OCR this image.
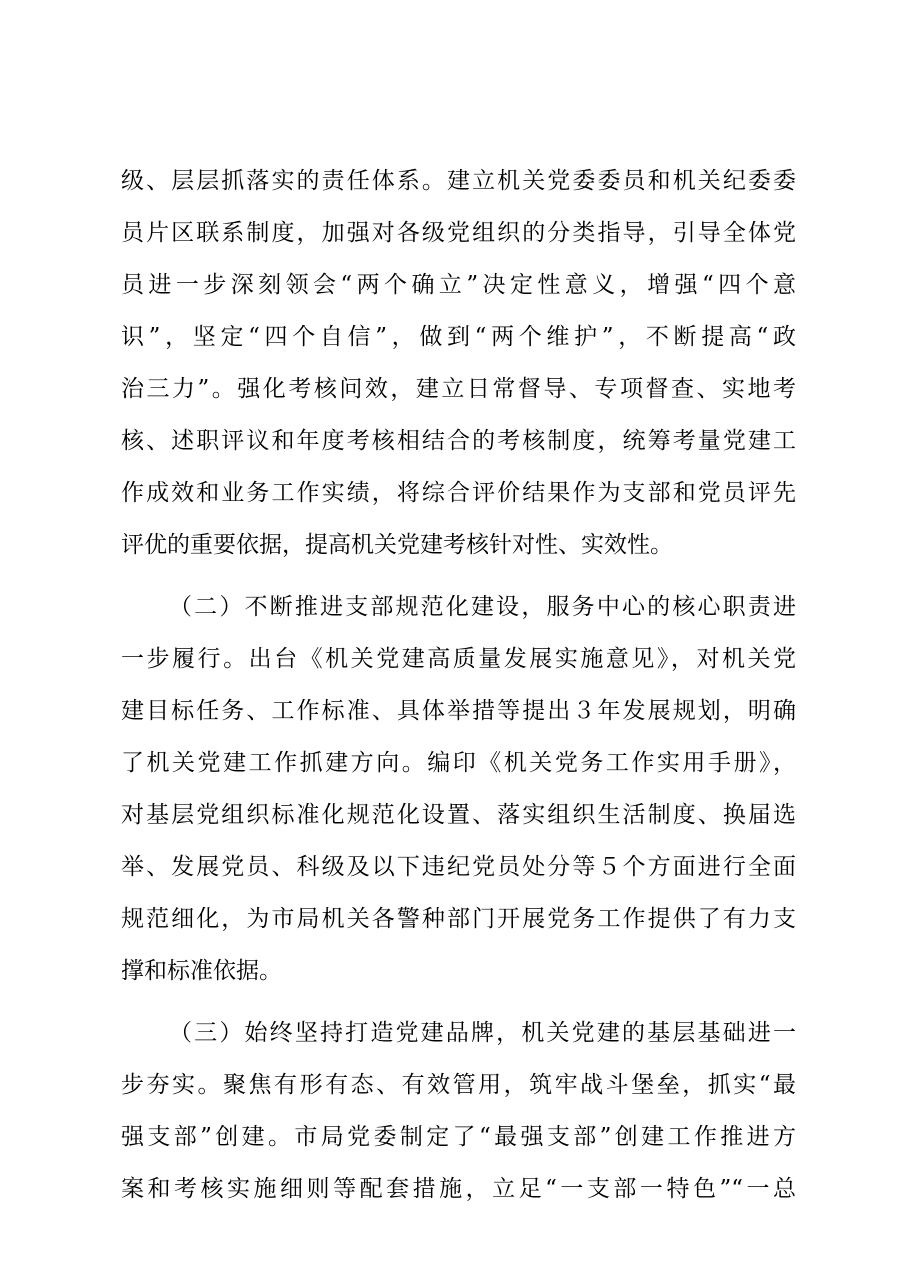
级、层层抓落实的责任体系。建立机关党委委员和机关纪委委
员片区联系制度，加强对各级党组织的分类指导，引导全体党
员进一步深刻领会“两个确立”决定性意义，增强“四个意
识”，坚定“四个自信”，做到“两个维护”，不断提高“政
治三力”。强化考核问效，建立日常督导、专项督查、实地考
核、述职评议和年度考核相结合的考核制度，统筹考量党建工
作成效和业务工作实绩，将综合评价结果作为支部和党员评先
评优的重要依据，提高机关党建考核针对性、实效性。
（二）不断推进支部规范化建设，服务中心的核心职责进
一步履行。出台《机关党建高质量发展实施意见》，对机关党
建目标任务、工作标准、具体举措等提出３年发展规划，明确
了机关党建工作抓建方向。编印《机关党务工作实用手册》，
对基层党组织标准化规范化设置、落实组织生活制度、换届选
举、发展党员、科级及以下违纪党员处分等５个方面进行全面
规范细化，为市局机关各警种部门开展党务工作提供了有力支
撑和标准依据。
（三）始终坚持打造党建品牌，机关党建的基层基础进一
步夯实。聚焦有形有态、有效管用，筑牢战斗堡垒，抓实“最
强支部”创建。市局党委制定了“最强支部”创建工作推进方
案和考核实施细则等配套措施，立足“一支部一特色”“一总
